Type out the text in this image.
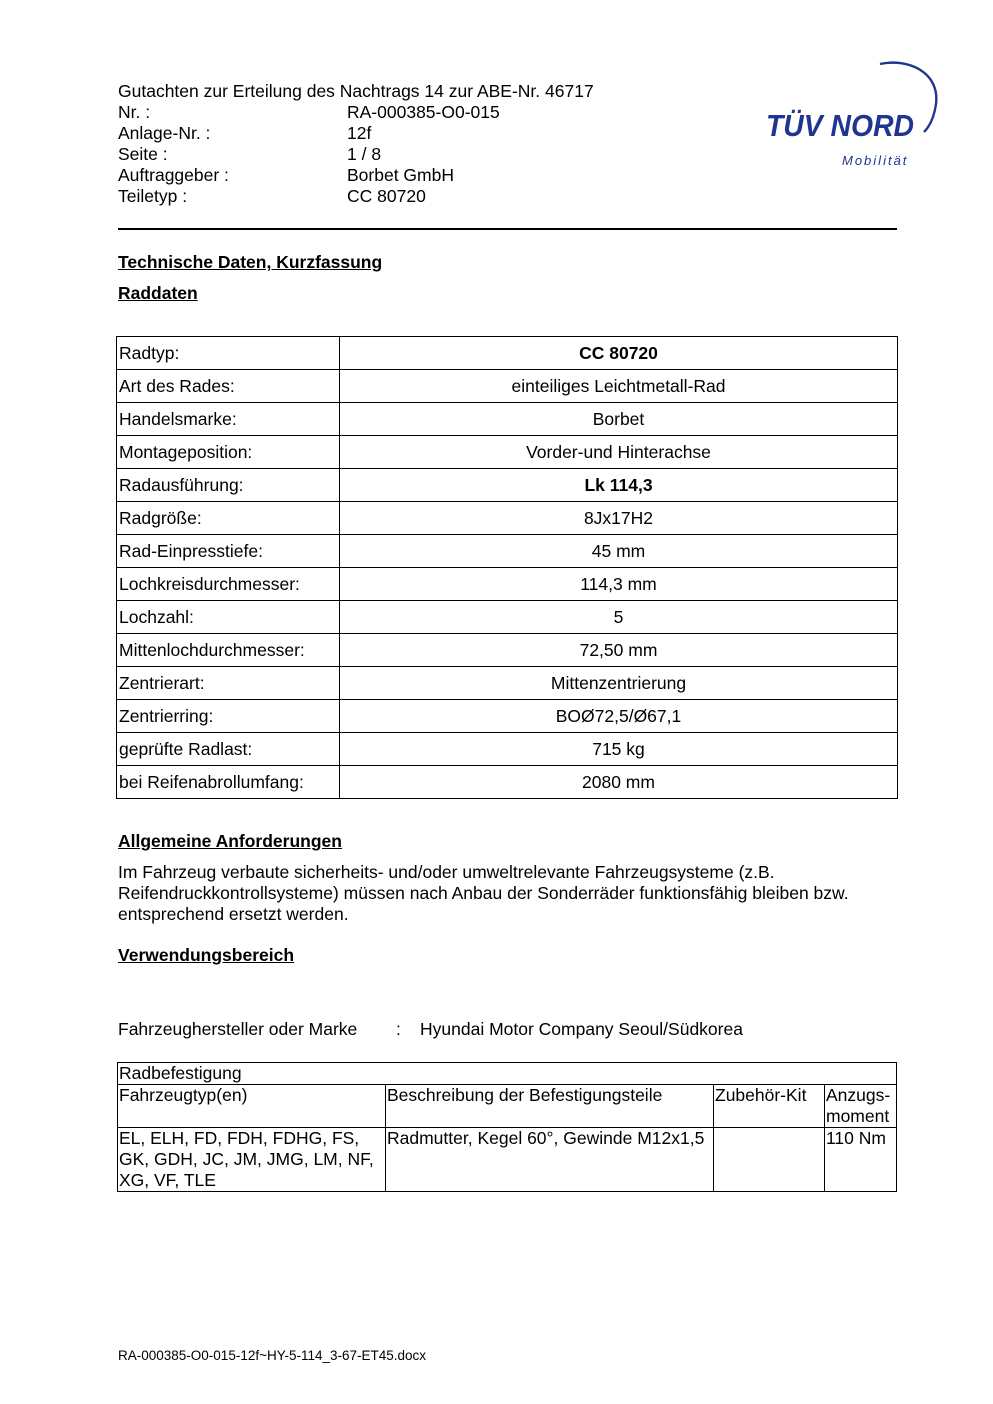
Gutachten zur Erteilung des Nachtrags 14 zur ABE-Nr. 46717
Nr. :	RA-000385-O0-015
Anlage-Nr. :	12f
Seite :	1 / 8
Auftraggeber :	Borbet GmbH
Teiletyp :	CC 80720
TÜV NORD
Mobilität
Technische Daten, Kurzfassung
Raddaten
Radtyp:	CC 80720
Art des Rades:	einteiliges Leichtmetall-Rad
Handelsmarke:	Borbet
Montageposition:	Vorder-und Hinterachse
Radausführung:	Lk 114,3
Radgröße:	8Jx17H2
Rad-Einpresstiefe:	45 mm
Lochkreisdurchmesser:	114,3 mm
Lochzahl:	5
Mittenlochdurchmesser:	72,50 mm
Zentrierart:	Mittenzentrierung
Zentrierring:	BOØ72,5/Ø67,1
geprüfte Radlast:	715 kg
bei Reifenabrollumfang:	2080 mm
Allgemeine Anforderungen
Im Fahrzeug verbaute sicherheits- und/oder umweltrelevante Fahrzeugsysteme (z.B. Reifendruckkontrollsysteme) müssen nach Anbau der Sonderräder funktionsfähig bleiben bzw. entsprechend ersetzt werden.
Verwendungsbereich
Fahrzeughersteller oder Marke : Hyundai Motor Company Seoul/Südkorea
Radbefestigung			
Fahrzeugtyp(en)	Beschreibung der Befestigungsteile	Zubehör-Kit	Anzugs-moment
EL, ELH, FD, FDH, FDHG, FS, GK, GDH, JC, JM, JMG, LM, NF, XG, VF, TLE	Radmutter, Kegel 60°, Gewinde M12x1,5		110 Nm
RA-000385-O0-015-12f~HY-5-114_3-67-ET45.docx
